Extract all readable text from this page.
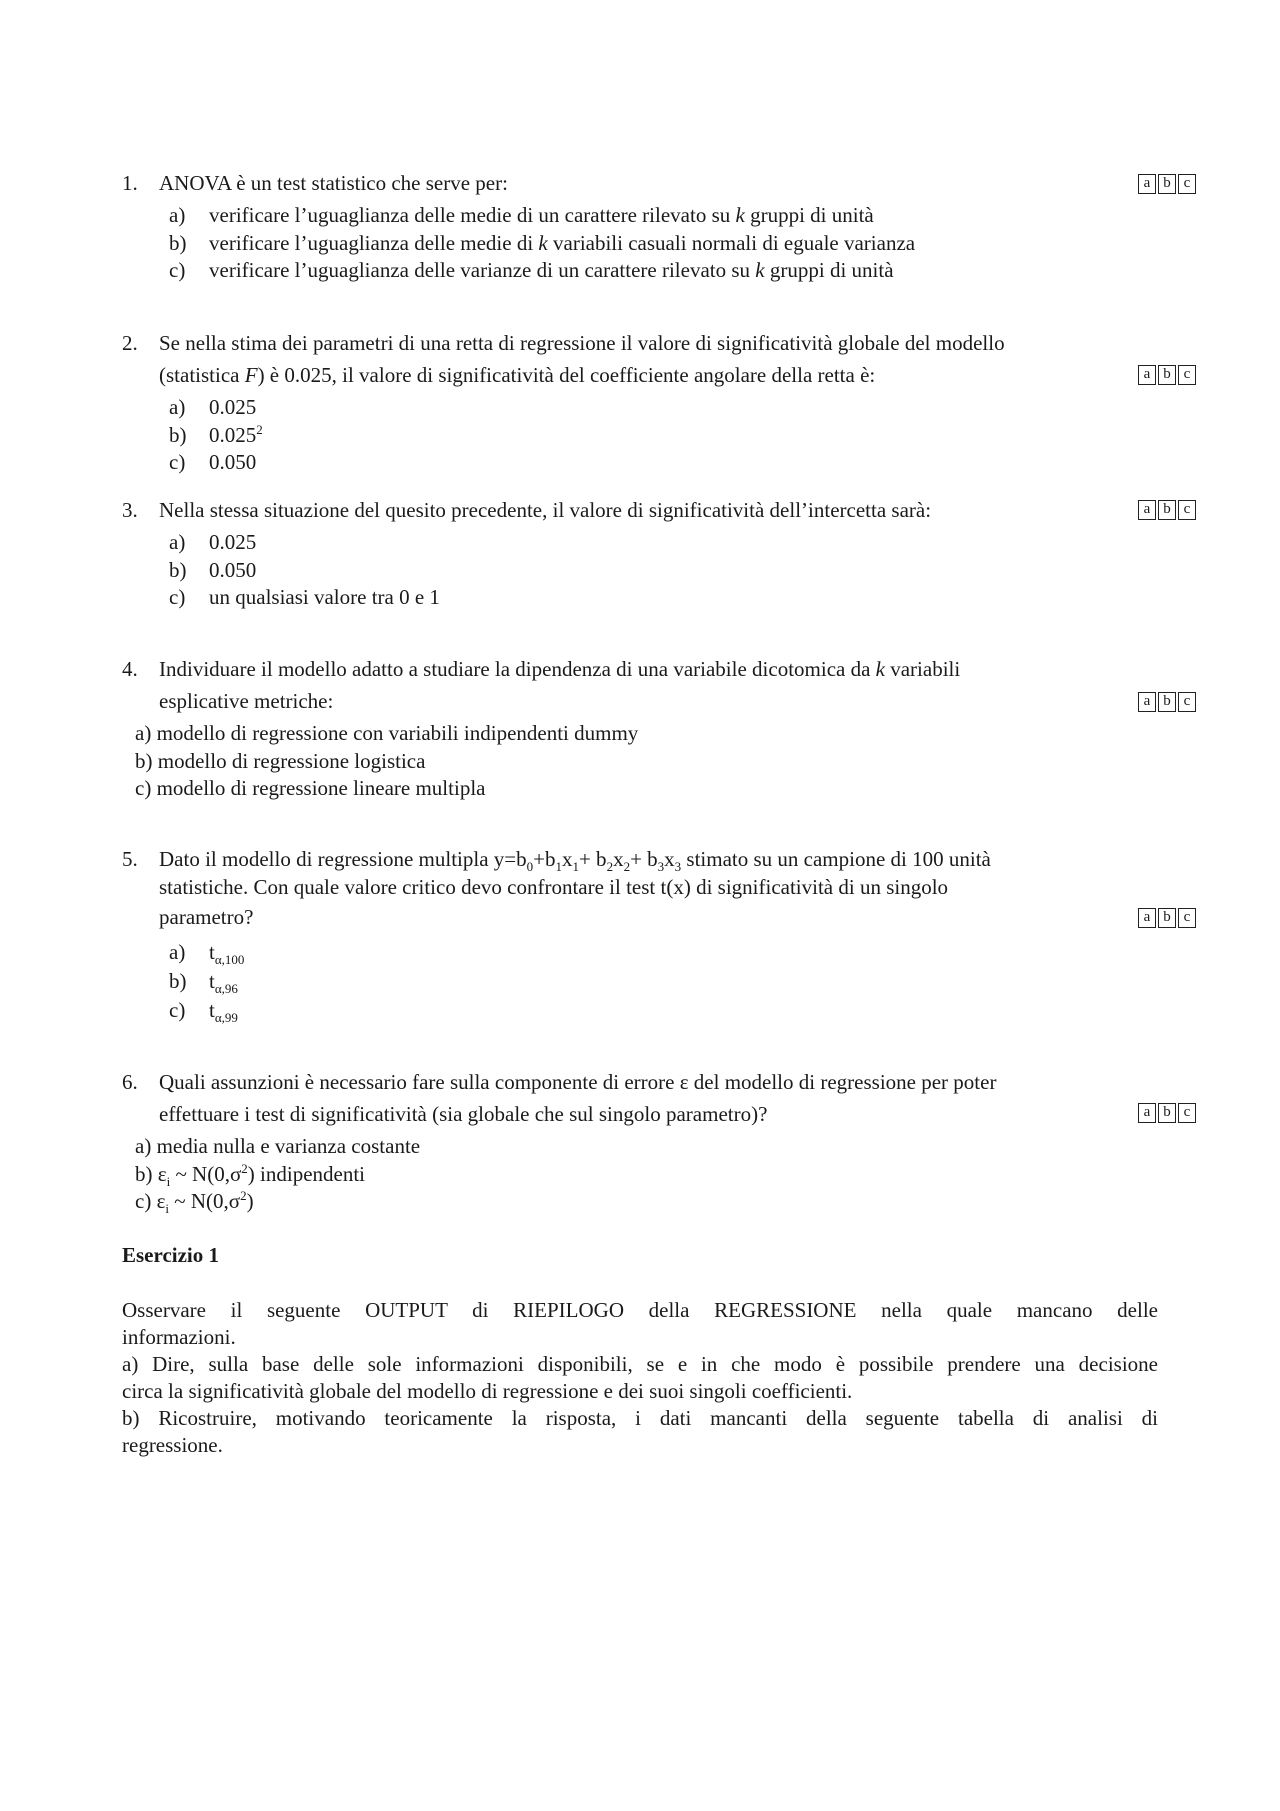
1. ANOVA è un test statistico che serve per:
a) verificare l’uguaglianza delle medie di un carattere rilevato su k gruppi di unità
b) verificare l’uguaglianza delle medie di k variabili casuali normali di eguale varianza
c) verificare l’uguaglianza delle varianze di un carattere rilevato su k gruppi di unità
a b c
2. Se nella stima dei parametri di una retta di regressione il valore di significatività globale del modello
(statistica F) è 0.025, il valore di significatività del coefficiente angolare della retta è:
a) 0.025
b) 0.025$^2$
c) 0.050
a b c
3. Nella stessa situazione del quesito precedente, il valore di significatività dell’intercetta sarà:
a) 0.025
b) 0.050
c) un qualsiasi valore tra 0 e 1
a b c
4. Individuare il modello adatto a studiare la dipendenza di una variabile dicotomica da k variabili
esplicative metriche:
a) modello di regressione con variabili indipendenti dummy
b) modello di regressione logistica
c) modello di regressione lineare multipla
a b c
5. Dato il modello di regressione multipla $y=b_0+b_1x_1+ b_2x_2+ b_3x_3$ stimato su un campione di 100 unità
statistiche. Con quale valore critico devo confrontare il test t(x) di significatività di un singolo
parametro?
a) $t_{\alpha,100}$
b) $t_{\alpha,96}$
c) $t_{\alpha,99}$
a b c
6. Quali assunzioni è necessario fare sulla componente di errore ε del modello di regressione per poter
effettuare i test di significatività (sia globale che sul singolo parametro)?
a) media nulla e varianza costante
b) $\varepsilon_i$ ~ $N(0,\sigma^2)$ indipendenti
c) $\varepsilon_i$ ~ $N(0,\sigma^2)$
a b c
Esercizio 1

Osservare il seguente OUTPUT di RIEPILOGO della REGRESSIONE nella quale mancano delle

informazioni.

a) Dire, sulla base delle sole informazioni disponibili, se e in che modo è possibile prendere una decisione

circa la significatività globale del modello di regressione e dei suoi singoli coefficienti.

b) Ricostruire, motivando teoricamente la risposta, i dati mancanti della seguente tabella di analisi di

regressione.
